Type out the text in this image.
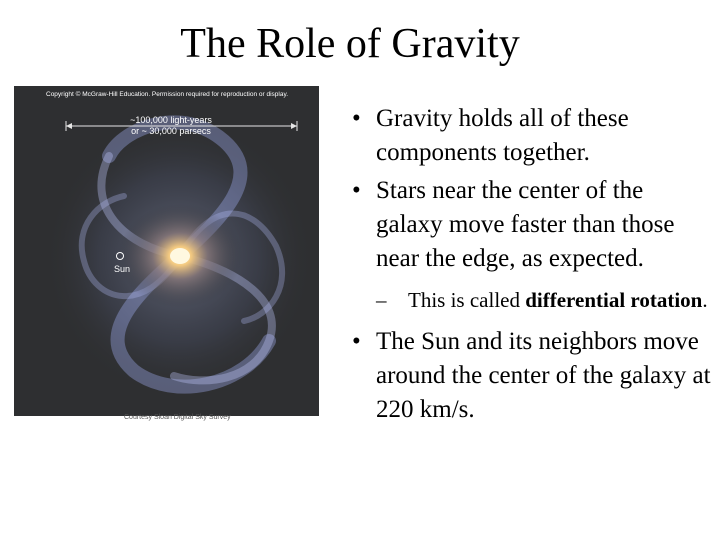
The Role of Gravity
Copyright © McGraw-Hill Education. Permission required for reproduction or display.
~100,000 light-years
or ~ 30,000 parsecs
Sun
Courtesy Sloan Digital Sky Survey
• Gravity holds all of these components together.
• Stars near the center of the galaxy move faster than those near the edge, as expected.
– This is called differential rotation.
• The Sun and its neighbors move around the center of the galaxy at 220 km/s.
